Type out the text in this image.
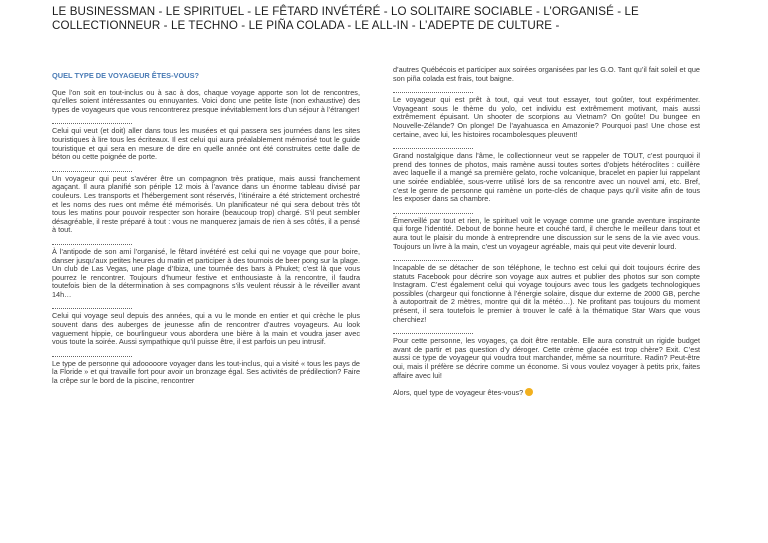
LE BUSINESSMAN - LE SPIRITUEL - LE FÊTARD INVÉTÉRÉ - LO SOLITAIRE SOCIABLE - L’ORGANISÉ - LE COLLECTIONNEUR - LE TECHNO - LE PIÑA COLADA - LE ALL-IN - L’ADEPTE DE CULTURE -
QUEL TYPE DE VOYAGEUR ÊTES-VOUS?

Que l’on soit en tout-inclus ou à sac à dos, chaque voyage apporte son lot de rencontres, qu’elles soient intéressantes ou ennuyantes. Voici donc une petite liste (non exhaustive) des types de voyageurs que vous rencontrerez presque inévitablement lors d’un séjour à l’étranger!

Celui qui veut (et doit) aller dans tous les musées et qui passera ses journées dans les sites touristiques à lire tous les écriteaux. Il est celui qui aura préalablement mémorisé tout le guide touristique et qui sera en mesure de dire en quelle année ont été construites cette dalle de béton ou cette poignée de porte.

Un voyageur qui peut s’avérer être un compagnon très pratique, mais aussi franchement agaçant. Il aura planifié son périple 12 mois à l’avance dans un énorme tableau divisé par couleurs. Les transports et l’hébergement sont réservés, l’itinéraire a été strictement orchestré et les noms des rues ont même été mémorisés. Un planificateur né qui sera debout très tôt tous les matins pour pouvoir respecter son horaire (beaucoup trop) chargé. S’il peut sembler désagréable, il reste préparé à tout : vous ne manquerez jamais de rien à ses côtés, il a pensé à tout.

À l’antipode de son ami l’organisé, le fêtard invétéré est celui qui ne voyage que pour boire, danser jusqu’aux petites heures du matin et participer à des tournois de beer pong sur la plage. Un club de Las Vegas, une plage d’Ibiza, une tournée des bars à Phuket; c’est là que vous pourrez le rencontrer. Toujours d’humeur festive et enthousiaste à la rencontre, il faudra toutefois bien de la détermination à ses compagnons s’ils veulent réussir à le réveiller avant 14h…

Celui qui voyage seul depuis des années, qui a vu le monde en entier et qui crèche le plus souvent dans des auberges de jeunesse afin de rencontrer d’autres voyageurs. Au look vaguement hippie, ce bourlingueur vous abordera une bière à la main et voudra jaser avec vous toute la soirée. Aussi sympathique qu’il puisse être, il est parfois un peu intrusif.

Le type de personne qui adooooore voyager dans les tout-inclus, qui a visité « tous les pays de la Floride » et qui travaille fort pour avoir un bronzage égal. Ses activités de prédilection? Faire la crêpe sur le bord de la piscine, rencontrer

d’autres Québécois et participer aux soirées organisées par les G.O. Tant qu’il fait soleil et que son piña colada est frais, tout baigne.

Le voyageur qui est prêt à tout, qui veut tout essayer, tout goûter, tout expérimenter. Voyageant sous le thème du yolo, cet individu est extrêmement motivant, mais aussi extrêmement épuisant. Un shooter de scorpions au Vietnam? On goûte! Du bungee en Nouvelle-Zélande? On plonge! De l’ayahuasca en Amazonie? Pourquoi pas! Une chose est certaine, avec lui, les histoires rocambolesques pleuvent!

Grand nostalgique dans l’âme, le collectionneur veut se rappeler de TOUT, c’est pourquoi il prend des tonnes de photos, mais ramène aussi toutes sortes d’objets hétéroclites : cuillère avec laquelle il a mangé sa première gelato, roche volcanique, bracelet en papier lui rappelant une soirée endiablée, sous-verre utilisé lors de sa rencontre avec un nouvel ami, etc. Bref, c’est le genre de personne qui ramène un porte-clés de chaque pays qu’il visite afin de tous les exposer dans sa chambre.

Émerveillé par tout et rien, le spirituel voit le voyage comme une grande aventure inspirante qui forge l’identité. Debout de bonne heure et couché tard, il cherche le meilleur dans tout et aura tout le plaisir du monde à entreprendre une discussion sur le sens de la vie avec vous. Toujours un livre à la main, c’est un voyageur agréable, mais qui peut vite devenir lourd.

Incapable de se détacher de son téléphone, le techno est celui qui doit toujours écrire des statuts Facebook pour décrire son voyage aux autres et publier des photos sur son compte Instagram. C’est également celui qui voyage toujours avec tous les gadgets technologiques possibles (chargeur qui fonctionne à l’énergie solaire, disque dur externe de 2000 GB, perche à autoportrait de 2 mètres, montre qui dit la météo…). Ne profitant pas toujours du moment présent, il sera toutefois le premier à trouver le café à la thématique Star Wars que vous cherchiez!

Pour cette personne, les voyages, ça doit être rentable. Elle aura construit un rigide budget avant de partir et pas question d’y déroger. Cette crème glacée est trop chère? Exit. C’est aussi ce type de voyageur qui voudra tout marchander, même sa nourriture. Radin? Peut-être oui, mais il préfère se décrire comme un économe. Si vous voulez voyager à petits prix, faites affaire avec lui!

Alors, quel type de voyageur êtes-vous?
